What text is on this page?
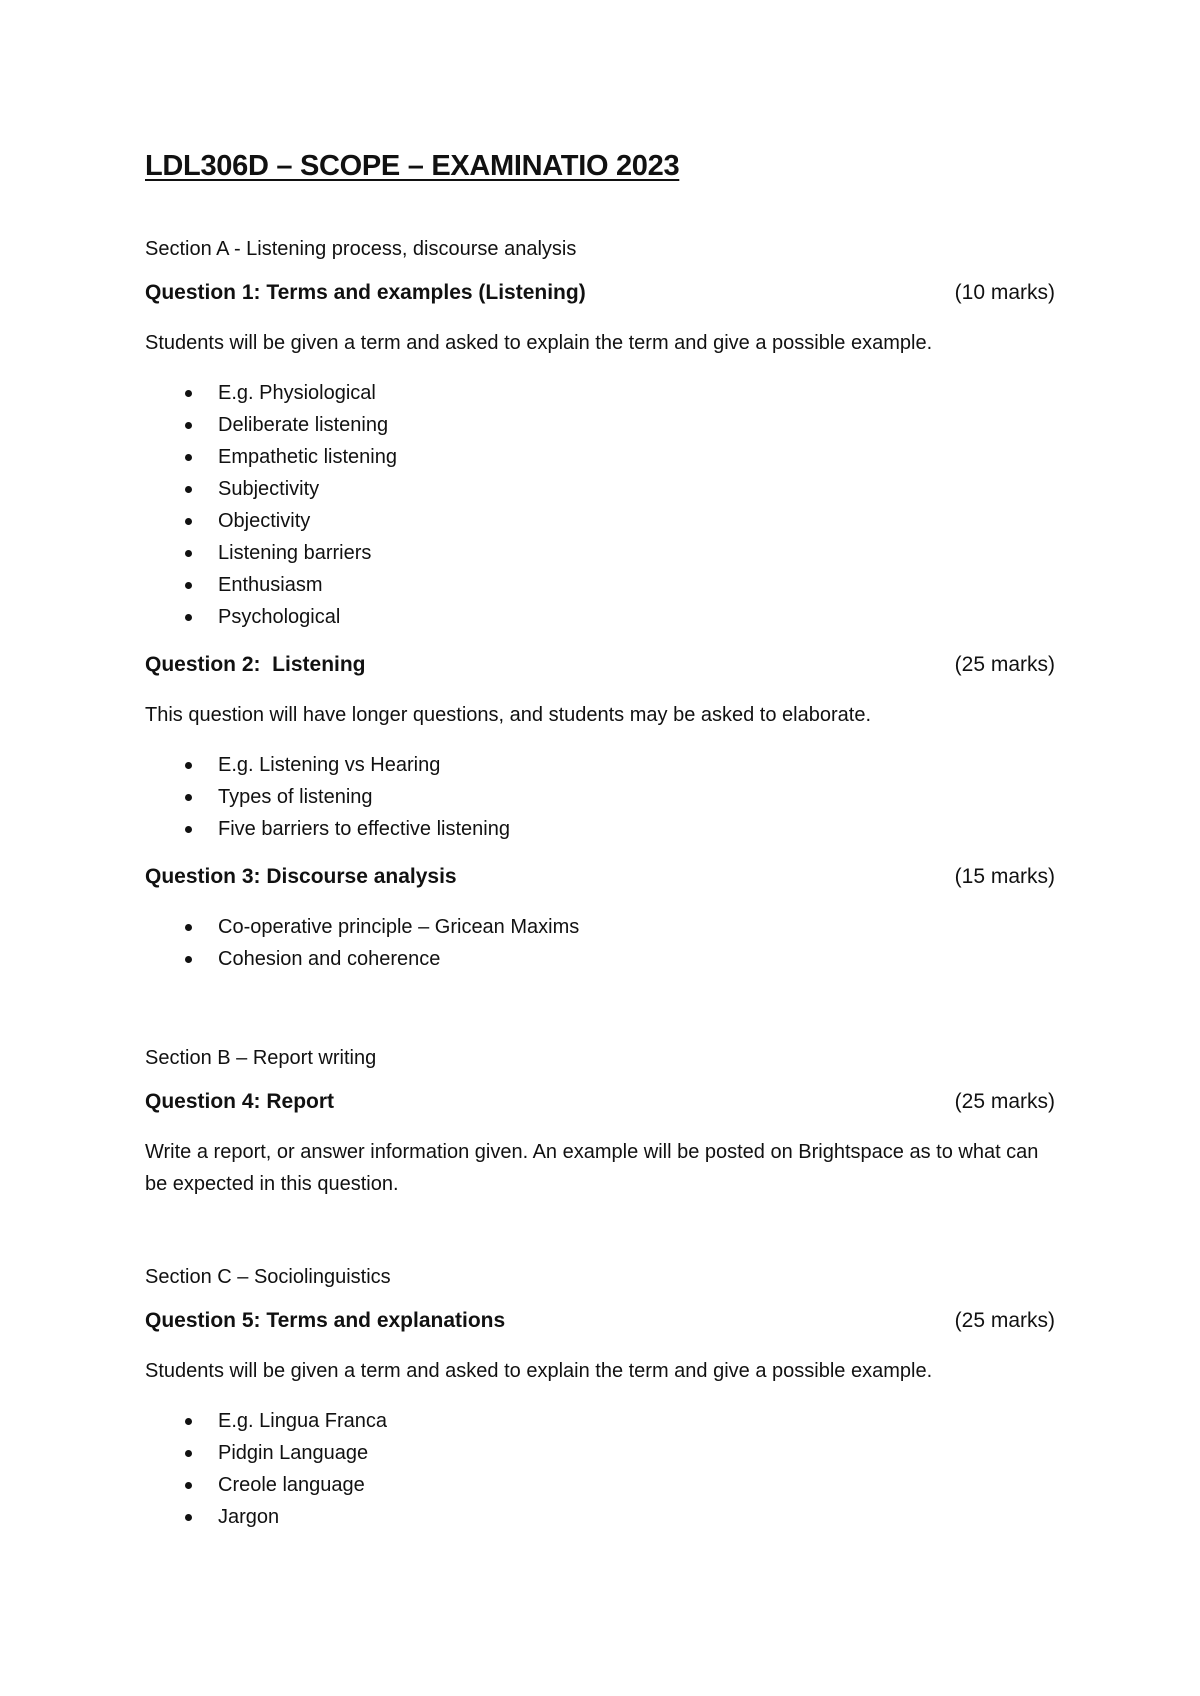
LDL306D – SCOPE – EXAMINATIO 2023

Section A - Listening process, discourse analysis

Question 1: Terms and examples (Listening)	(10 marks)

Students will be given a term and asked to explain the term and give a possible example.

E.g. Physiological
Deliberate listening
Empathetic listening
Subjectivity
Objectivity
Listening barriers
Enthusiasm
Psychological
Question 2:  Listening	(25 marks)

This question will have longer questions, and students may be asked to elaborate.

E.g. Listening vs Hearing
Types of listening
Five barriers to effective listening
Question 3: Discourse analysis	(15 marks)
Co-operative principle – Gricean Maxims
Cohesion and coherence

Section B – Report writing

Question 4: Report	(25 marks)

Write a report, or answer information given. An example will be posted on Brightspace as to what can be expected in this question.

Section C – Sociolinguistics

Question 5: Terms and explanations	(25 marks)

Students will be given a term and asked to explain the term and give a possible example.

E.g. Lingua Franca
Pidgin Language
Creole language
Jargon
